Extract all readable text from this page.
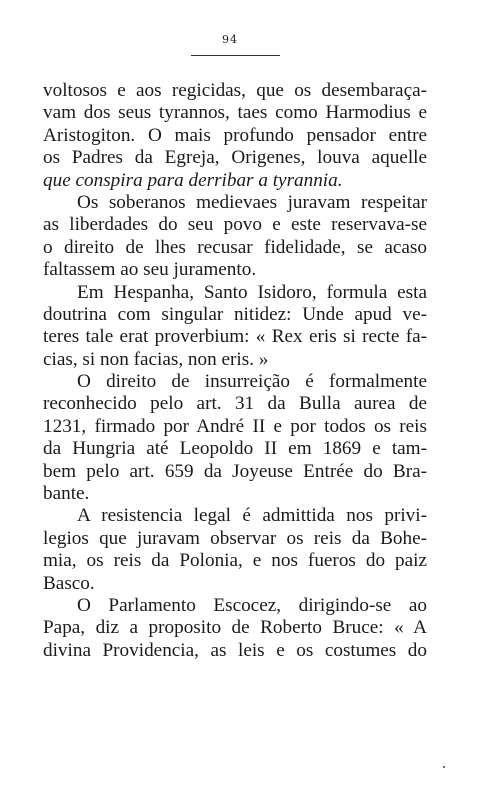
94
voltosos e aos regicidas, que os desembaraça-
vam dos seus tyrannos, taes como Harmodius e
Aristogiton. O mais profundo pensador entre
os Padres da Egreja, Origenes, louva aquelle
que conspira para derribar a tyrannia.
Os soberanos medievaes juravam respeitar
as liberdades do seu povo e este reservava-se
o direito de lhes recusar fidelidade, se acaso
faltassem ao seu juramento.
Em Hespanha, Santo Isidoro, formula esta
doutrina com singular nitidez: Unde apud ve-
teres tale erat proverbium: « Rex eris si recte fa-
cias, si non facias, non eris. »
O direito de insurreição é formalmente
reconhecido pelo art. 31 da Bulla aurea de
1231, firmado por André II e por todos os reis
da Hungria até Leopoldo II em 1869 e tam-
bem pelo art. 659 da Joyeuse Entrée do Bra-
bante.
A resistencia legal é admittida nos privi-
legios que juravam observar os reis da Bohe-
mia, os reis da Polonia, e nos fueros do paiz
Basco.
O Parlamento Escocez, dirigindo-se ao
Papa, diz a proposito de Roberto Bruce: « A
divina Providencia, as leis e os costumes do
